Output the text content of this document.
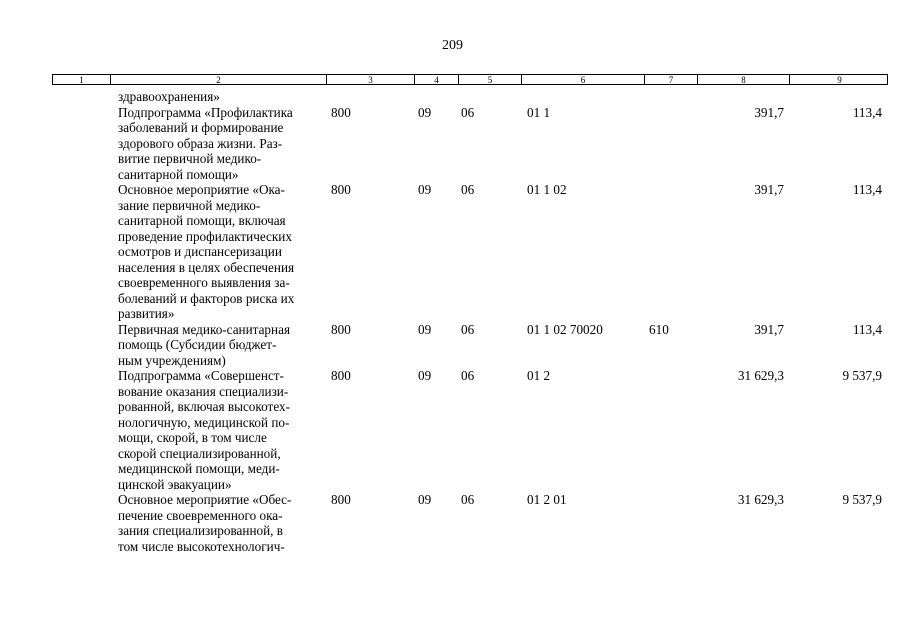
209
1	2	3	4	5	6	7	8	9
здравоохранения»
Подпрограмма «Профилактика
заболеваний и формирование
здорового образа жизни. Раз-
витие первичной медико-
санитарной помощи»
800	09 06	01 1	391,7	113,4
Основное мероприятие «Ока-
зание первичной медико-
санитарной помощи, включая
проведение профилактических
осмотров и диспансеризации
населения в целях обеспечения
своевременного выявления за-
болеваний и факторов риска их
развития»
800	09 06	01 1 02	391,7	113,4
Первичная медико-санитарная
помощь (Субсидии бюджет-
ным учреждениям)
800	09 06	01 1 02 70020	610	391,7	113,4
Подпрограмма «Совершенст-
вование оказания специализи-
рованной, включая высокотех-
нологичную, медицинской по-
мощи, скорой, в том числе
скорой специализированной,
медицинской помощи, меди-
цинской эвакуации»
800	09 06	01 2	31 629,3	9 537,9
Основное мероприятие «Обес-
печение своевременного ока-
зания специализированной, в
том числе высокотехнологич-
800	09 06	01 2 01	31 629,3	9 537,9
